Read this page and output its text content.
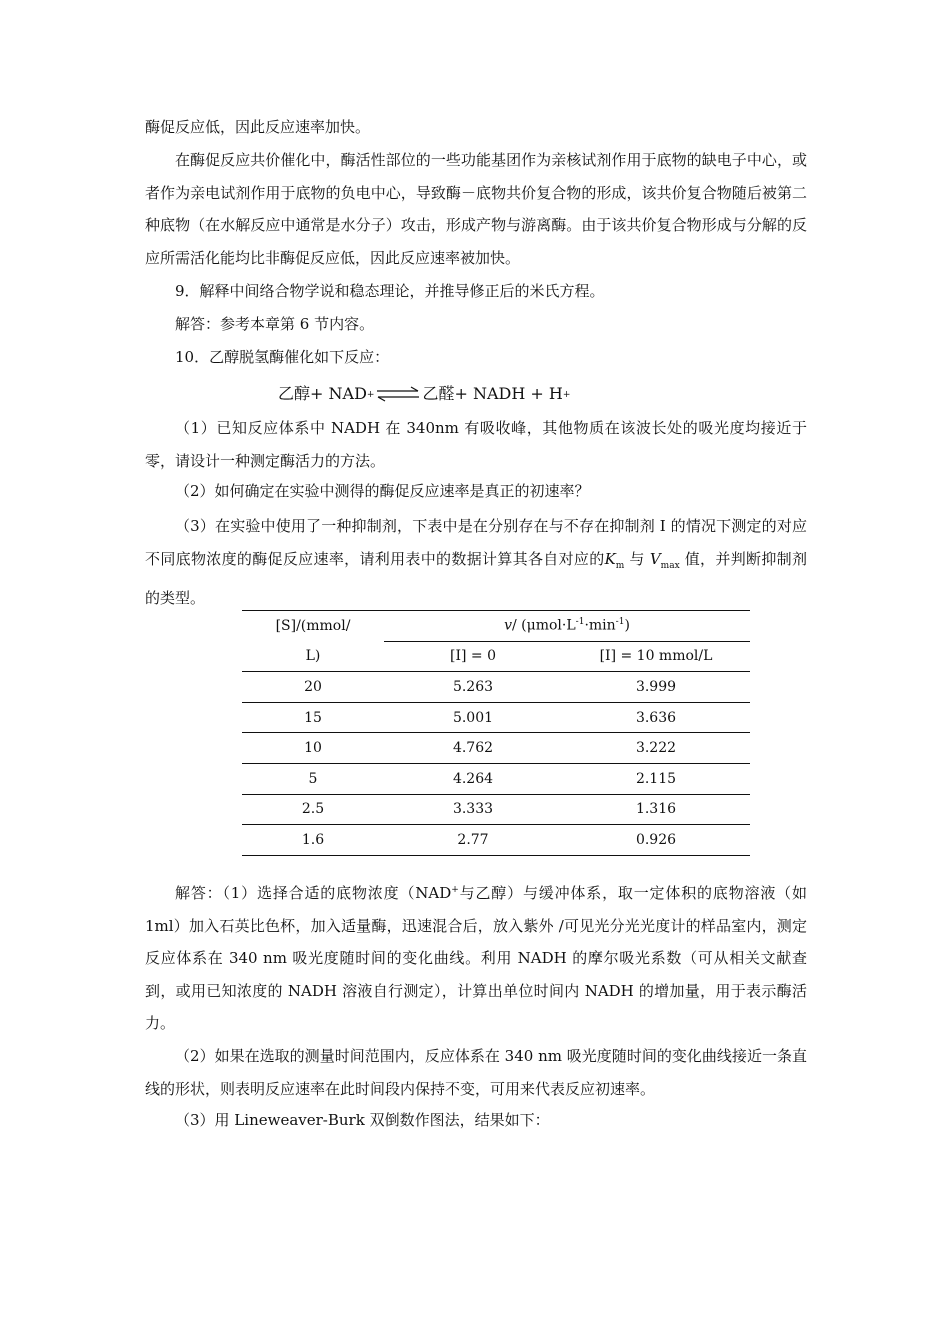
酶促反应低，因此反应速率加快。

在酶促反应共价催化中，酶活性部位的一些功能基团作为亲核试剂作用于底物的缺电子中心，或者作为亲电试剂作用于底物的负电中心，导致酶－底物共价复合物的形成，该共价复合物随后被第二种底物（在水解反应中通常是水分子）攻击，形成产物与游离酶。由于该共价复合物形成与分解的反应所需活化能均比非酶促反应低，因此反应速率被加快。

9．解释中间络合物学说和稳态理论，并推导修正后的米氏方程。
解答：参考本章第 6 节内容。
10．乙醇脱氢酶催化如下反应：
乙醇 + NAD+ ⇌ 乙醛 + NADH + H+

（1）已知反应体系中 NADH 在 340nm 有吸收峰，其他物质在该波长处的吸光度均接近于零，请设计一种测定酶活力的方法。

（2）如何确定在实验中测得的酶促反应速率是真正的初速率？

（3）在实验中使用了一种抑制剂，下表中是在分别存在与不存在抑制剂 I 的情况下测定的对应不同底物浓度的酶促反应速率，请利用表中的数据计算其各自对应的$K_m$ 与 $V_{max}$ 值，并判断抑制剂的类型。

[S]/(mmol/	v/ $(\mu mol\cdot L^{-1}\cdot\min^{-1})$	
L)	[I] = 0	[I] = 10 mmol/L
20	5.263	3.999
15	5.001	3.636
10	4.762	3.222
5	4.264	2.115
2.5	3.333	1.316
1.6	2.77	0.926

解答：（1）选择合适的底物浓度（NAD+与乙醇）与缓冲体系，取一定体积的底物溶液（如 1ml）加入石英比色杯，加入适量酶，迅速混合后，放入紫外 /可见光分光光度计的样品室内，测定反应体系在 340 nm 吸光度随时间的变化曲线。利用 NADH 的摩尔吸光系数（可从相关文献查到，或用已知浓度的 NADH 溶液自行测定），计算出单位时间内 NADH 的增加量，用于表示酶活力。

（2）如果在选取的测量时间范围内，反应体系在 340 nm 吸光度随时间的变化曲线接近一条直线的形状，则表明反应速率在此时间段内保持不变，可用来代表反应初速率。

（3）用 Lineweaver-Burk 双倒数作图法，结果如下：
